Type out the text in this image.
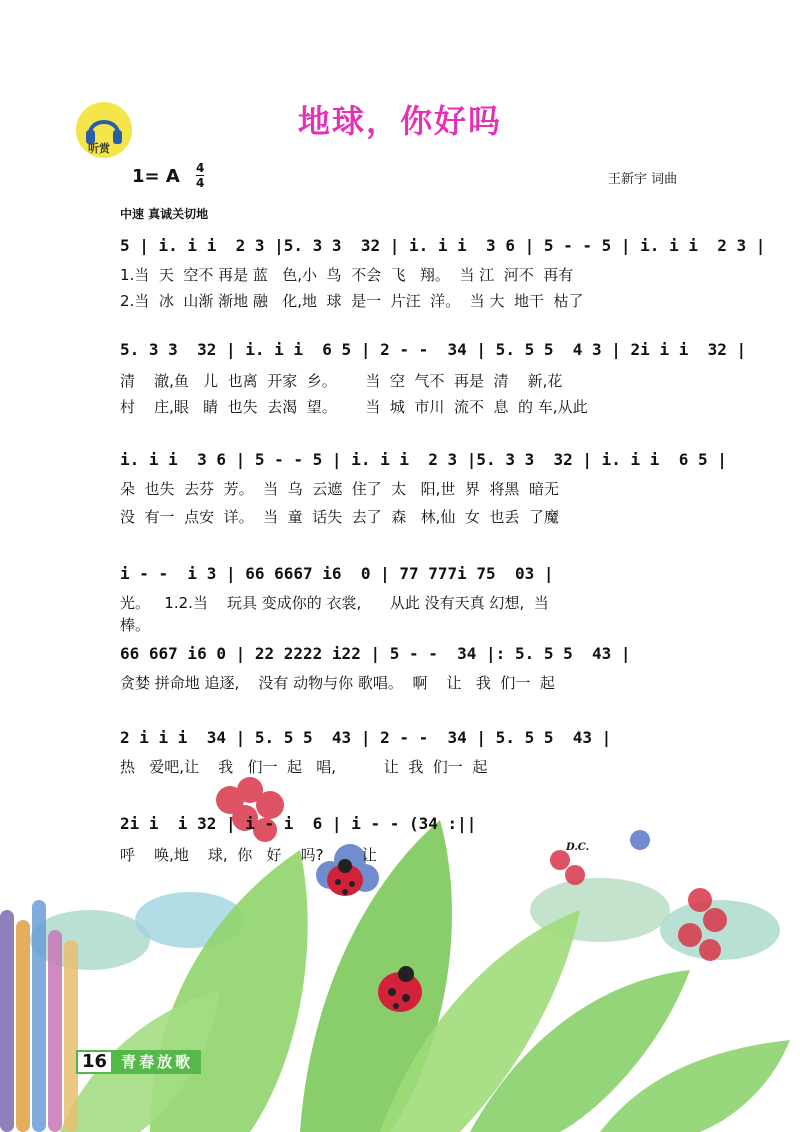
听赏
地球，你好吗
1= A 4
4	王新宇 词曲
中速 真诚关切地
5 | i. i i  2 3 |5. 3 3  32 | i. i i  3 6 | 5 - - 5 | i. i i  2 3 |
1.当  天  空不 再是 蓝   色,小  鸟  不会  飞   翔。  当 江  河不  再有
2.当  冰  山渐 渐地 融   化,地  球  是一  片汪  洋。  当 大  地干  枯了
5. 3 3  32 | i. i i  6 5 | 2 - -  34 | 5. 5 5  4 3 | 2i i i  32 |
清    澈,鱼   儿  也离  开家  乡。      当  空  气不  再是  清    新,花
村    庄,眼   睛  也失  去渴  望。      当  城  市川  流不  息  的 车,从此
i. i i  3 6 | 5 - - 5 | i. i i  2 3 |5. 3 3  32 | i. i i  6 5 |
朵  也失  去芬  芳。  当  乌  云遮  住了  太   阳,世  界  将黑  暗无
没  有一  点安  详。  当  童  话失  去了  森   林,仙  女  也丢  了魔
i - -  i 3 | 66 6667 i6  0 | 77 777i 75  03 |
光。   1.2.当    玩具 变成你的 衣裳,      从此 没有天真 幻想,  当
棒。
66 667 i6 0 | 22 2222 i22 | 5 - -  34 |: 5. 5 5  43 |
贪婪 拼命地 追逐,    没有 动物与你 歌唱。  啊    让   我  们一  起
2 i i i  34 | 5. 5 5  43 | 2 - -  34 | 5. 5 5  43 |
热   爱吧,让    我   们一  起   唱,          让  我  们一  起
2i i  i 32 | i - i  6 | i - - (34 :||
呼    唤,地    球,  你   好    吗?        让	D.C.
16 青春放歌
